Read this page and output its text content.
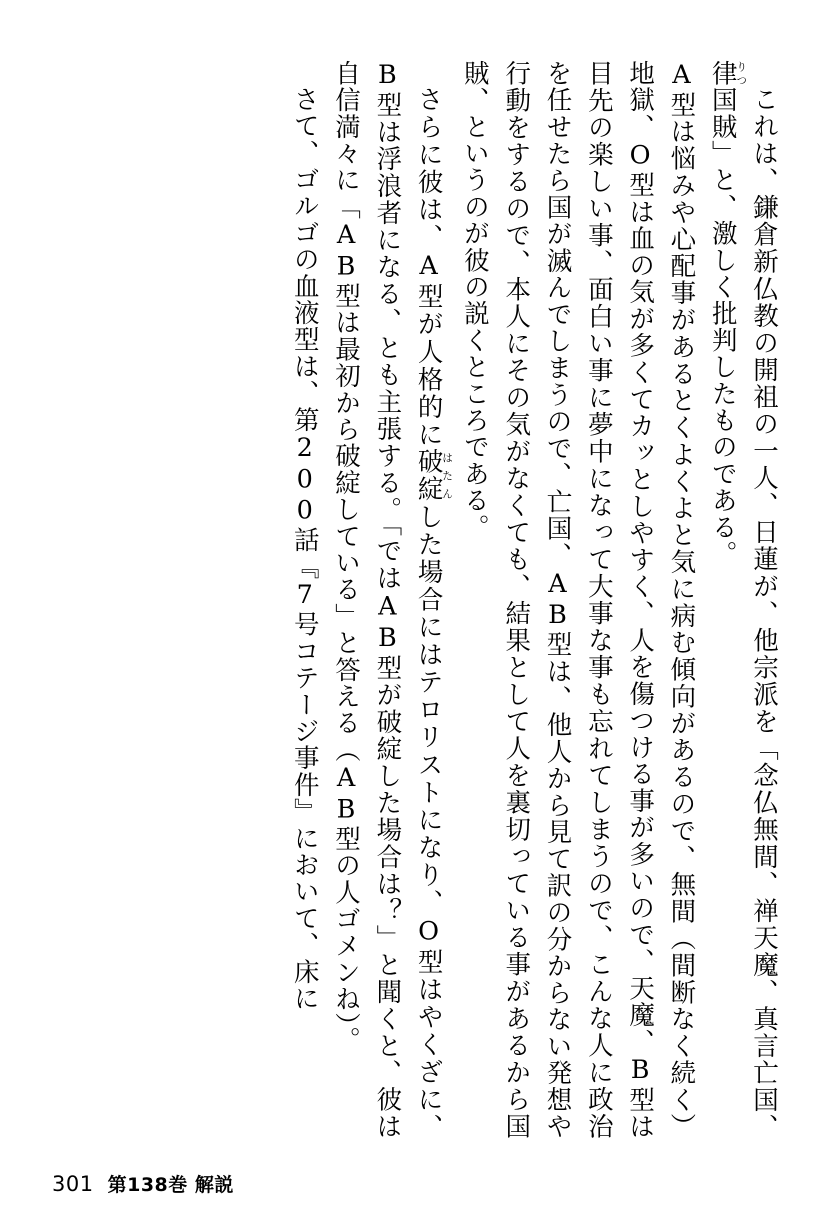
これは、鎌倉新仏教の開祖の一人、日蓮が、他宗派を「念仏無間、禅天魔、真言亡国、律りつ国賊」と、激しく批判したものである。

A型は悩みや心配事があるとくよくよと気に病む傾向があるので、無間（間断なく続く）地獄、O型は血の気が多くてカッとしやすく、人を傷つける事が多いので、天魔、B型は目先の楽しい事、面白い事に夢中になって大事な事も忘れてしまうので、こんな人に政治を任せたら国が滅んでしまうので、亡国、AB型は、他人から見て訳の分からない発想や行動をするので、本人にその気がなくても、結果として人を裏切っている事があるから国賊、というのが彼の説くところである。

さらに彼は、A型が人格的に破綻はたんした場合にはテロリストになり、O型はやくざに、B型は浮浪者になる、とも主張する。「ではAB型が破綻した場合は？」と聞くと、彼は自信満々に「AB型は最初から破綻している」と答える（AB型の人ゴメンね）。

さて、ゴルゴの血液型は、第200話『7号コテージ事件』において、床に

301 第138巻 解説
